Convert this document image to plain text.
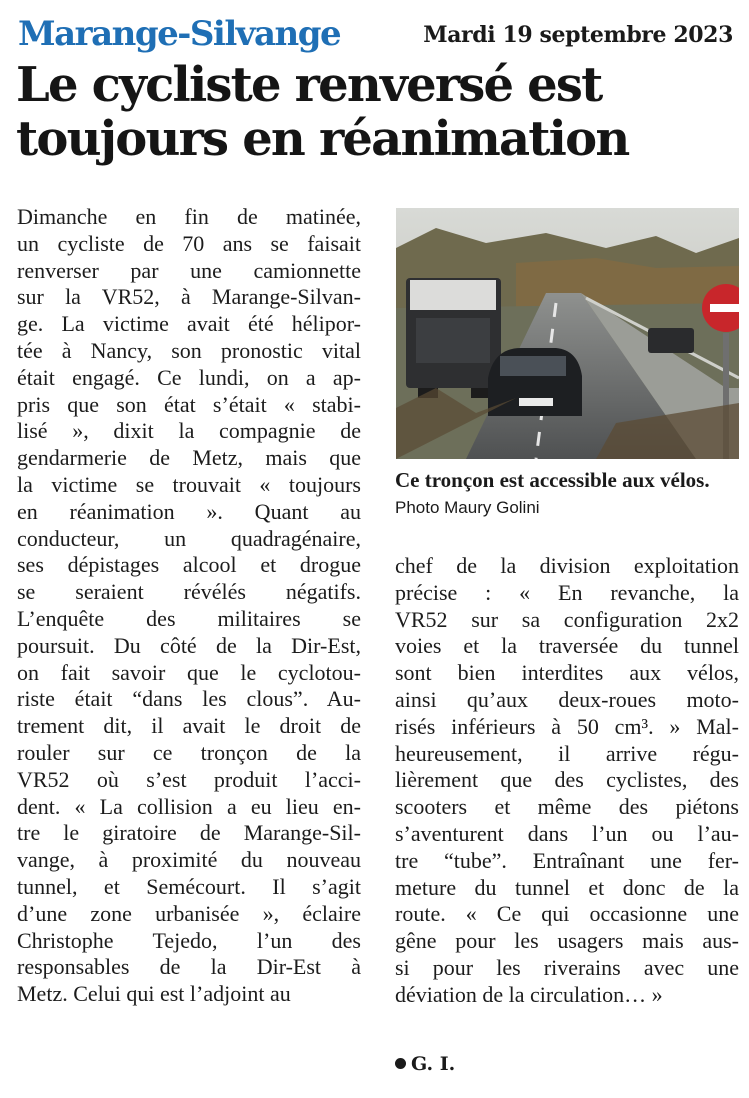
Marange-Silvange	Mardi 19 septembre 2023
Le cycliste renversé est
toujours en réanimation
Dimanche en fin de matinée,
un cycliste de 70 ans se faisait
renverser par une camionnette
sur la VR52, à Marange-Silvan-
ge. La victime avait été hélipor-
tée à Nancy, son pronostic vital
était engagé. Ce lundi, on a ap-
pris que son état s’était « stabi-
lisé », dixit la compagnie de
gendarmerie de Metz, mais que
la victime se trouvait « toujours
en réanimation ». Quant au
conducteur, un quadragénaire,
ses dépistages alcool et drogue
se seraient révélés négatifs.
L’enquête des militaires se
poursuit. Du côté de la Dir-Est,
on fait savoir que le cyclotou-
riste était “dans les clous”. Au-
trement dit, il avait le droit de
rouler sur ce tronçon de la
VR52 où s’est produit l’acci-
dent. « La collision a eu lieu en-
tre le giratoire de Marange-Sil-
vange, à proximité du nouveau
tunnel, et Semécourt. Il s’agit
d’une zone urbanisée », éclaire
Christophe Tejedo, l’un des
responsables de la Dir-Est à
Metz. Celui qui est l’adjoint au
Ce tronçon est accessible aux vélos. Photo Maury Golini
chef de la division exploitation
précise : « En revanche, la
VR52 sur sa configuration 2x2
voies et la traversée du tunnel
sont bien interdites aux vélos,
ainsi qu’aux deux-roues moto-
risés inférieurs à 50 cm³. » Mal-
heureusement, il arrive régu-
lièrement que des cyclistes, des
scooters et même des piétons
s’aventurent dans l’un ou l’au-
tre “tube”. Entraînant une fer-
meture du tunnel et donc de la
route. « Ce qui occasionne une
gêne pour les usagers mais aus-
si pour les riverains avec une
déviation de la circulation… »
G. I.
